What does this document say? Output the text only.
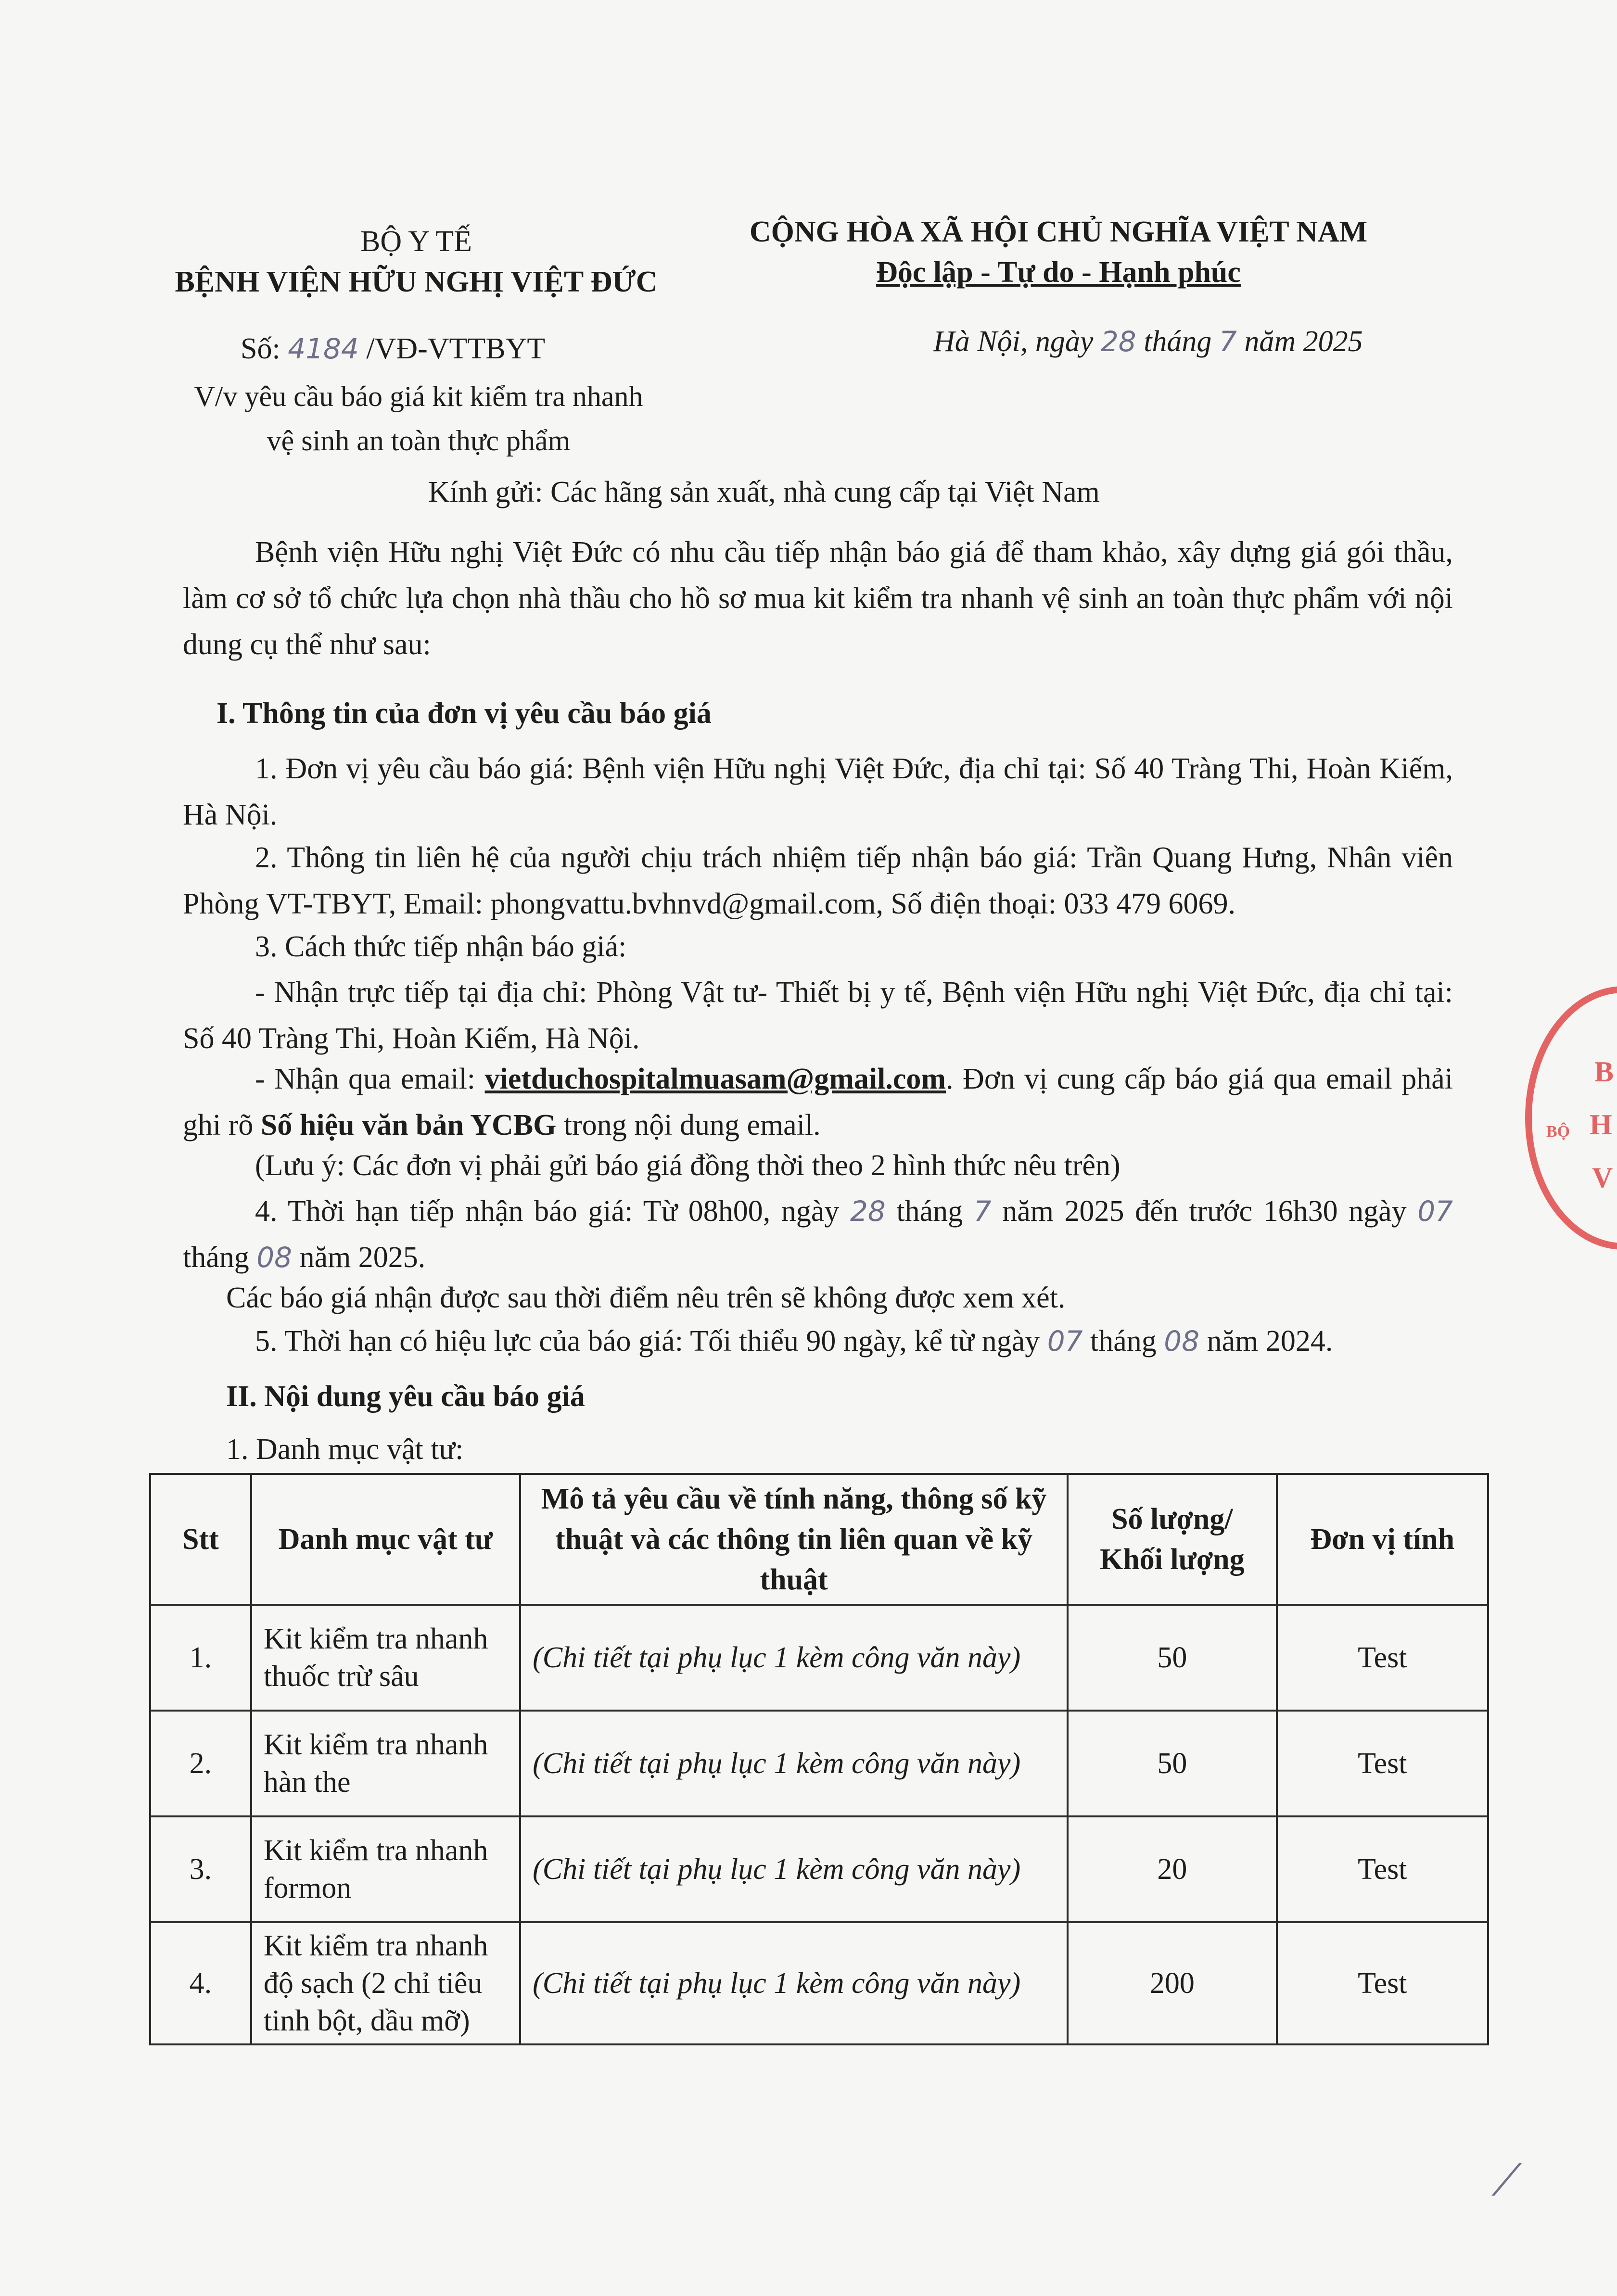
BỘ Y TẾ
BỆNH VIỆN HỮU NGHỊ VIỆT ĐỨC
CỘNG HÒA XÃ HỘI CHỦ NGHĨA VIỆT NAM
Độc lập - Tự do - Hạnh phúc
Số: 4184 /VĐ-VTTBYT
V/v yêu cầu báo giá kit kiểm tra nhanh
vệ sinh an toàn thực phẩm
Hà Nội, ngày 28 tháng 7 năm 2025
Kính gửi: Các hãng sản xuất, nhà cung cấp tại Việt Nam
Bệnh viện Hữu nghị Việt Đức có nhu cầu tiếp nhận báo giá để tham khảo, xây dựng giá gói thầu, làm cơ sở tổ chức lựa chọn nhà thầu cho hồ sơ mua kit kiểm tra nhanh vệ sinh an toàn thực phẩm với nội dung cụ thể như sau:
I. Thông tin của đơn vị yêu cầu báo giá
1. Đơn vị yêu cầu báo giá: Bệnh viện Hữu nghị Việt Đức, địa chỉ tại: Số 40 Tràng Thi, Hoàn Kiếm, Hà Nội.
2. Thông tin liên hệ của người chịu trách nhiệm tiếp nhận báo giá: Trần Quang Hưng, Nhân viên Phòng VT-TBYT, Email: phongvattu.bvhnvd@gmail.com, Số điện thoại: 033 479 6069.
3. Cách thức tiếp nhận báo giá:
- Nhận trực tiếp tại địa chỉ: Phòng Vật tư- Thiết bị y tế, Bệnh viện Hữu nghị Việt Đức, địa chỉ tại: Số 40 Tràng Thi, Hoàn Kiếm, Hà Nội.
- Nhận qua email: vietduchospitalmuasam@gmail.com. Đơn vị cung cấp báo giá qua email phải ghi rõ Số hiệu văn bản YCBG trong nội dung email.
(Lưu ý: Các đơn vị phải gửi báo giá đồng thời theo 2 hình thức nêu trên)
4. Thời hạn tiếp nhận báo giá: Từ 08h00, ngày 28 tháng 7 năm 2025 đến trước 16h30 ngày 07 tháng 08 năm 2025.
Các báo giá nhận được sau thời điểm nêu trên sẽ không được xem xét.
5. Thời hạn có hiệu lực của báo giá: Tối thiểu 90 ngày, kể từ ngày 07 tháng 08 năm 2024.
II. Nội dung yêu cầu báo giá
1. Danh mục vật tư:
Stt	Danh mục vật tư	Mô tả yêu cầu về tính năng, thông số kỹ thuật và các thông tin liên quan về kỹ thuật	Số lượng/ Khối lượng	Đơn vị tính
1.	Kit kiểm tra nhanh thuốc trừ sâu	(Chi tiết tại phụ lục 1 kèm công văn này)	50	Test
2.	Kit kiểm tra nhanh hàn the	(Chi tiết tại phụ lục 1 kèm công văn này)	50	Test
3.	Kit kiểm tra nhanh formon	(Chi tiết tại phụ lục 1 kèm công văn này)	20	Test
4.	Kit kiểm tra nhanh độ sạch (2 chỉ tiêu tinh bột, dầu mỡ)	(Chi tiết tại phụ lục 1 kèm công văn này)	200	Test
B
H
V
BỘ
⟋
